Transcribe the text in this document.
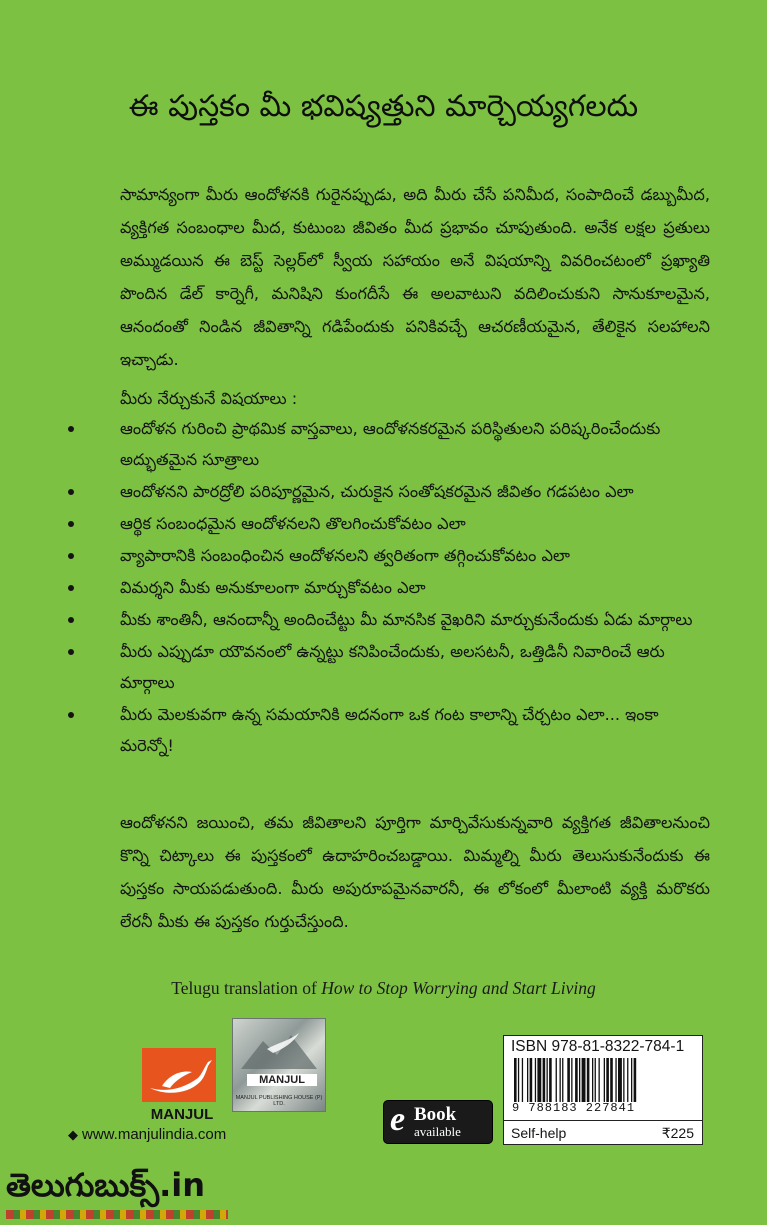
ఈ పుస్తకం మీ భవిష్యత్తుని మార్చెయ్యగలదు

సామాన్యంగా మీరు ఆందోళనకి గురైనప్పుడు, అది మీరు చేసే పనిమీద, సంపాదించే డబ్బుమీద, వ్యక్తిగత సంబంధాల మీద, కుటుంబ జీవితం మీద ప్రభావం చూపుతుంది. అనేక లక్షల ప్రతులు అమ్ముడయిన ఈ బెస్ట్ సెల్లర్‌లో స్వీయ సహాయం అనే విషయాన్ని వివరించటంలో ప్రఖ్యాతి పొందిన డేల్ కార్నెగీ, మనిషిని కుంగదీసే ఈ అలవాటుని వదిలించుకుని సానుకూలమైన, ఆనందంతో నిండిన జీవితాన్ని గడిపేందుకు పనికివచ్చే ఆచరణీయమైన, తేలికైన సలహాలని ఇచ్చాడు.

మీరు నేర్చుకునే విషయాలు :
ఆందోళన గురించి ప్రాథమిక వాస్తవాలు, ఆందోళనకరమైన పరిస్థితులని పరిష్కరించేందుకు అద్భుతమైన సూత్రాలు
ఆందోళనని పారద్రోలి పరిపూర్ణమైన, చురుకైన సంతోషకరమైన జీవితం గడపటం ఎలా
ఆర్థిక సంబంధమైన ఆందోళనలని తొలగించుకోవటం ఎలా
వ్యాపారానికి సంబంధించిన ఆందోళనలని త్వరితంగా తగ్గించుకోవటం ఎలా
విమర్శని మీకు అనుకూలంగా మార్చుకోవటం ఎలా
మీకు శాంతినీ, ఆనందాన్నీ అందించేట్టు మీ మానసిక వైఖరిని మార్చుకునేందుకు ఏడు మార్గాలు
మీరు ఎప్పుడూ యౌవనంలో ఉన్నట్టు కనిపించేందుకు, అలసటనీ, ఒత్తిడినీ నివారించే ఆరు మార్గాలు
మీరు మెలకువగా ఉన్న సమయానికి అదనంగా ఒక గంట కాలాన్ని చేర్చటం ఎలా... ఇంకా మరెన్నో!

ఆందోళనని జయించి, తమ జీవితాలని పూర్తిగా మార్చివేసుకున్నవారి వ్యక్తిగత జీవితాలనుంచి కొన్ని చిట్కాలు ఈ పుస్తకంలో ఉదాహరించబడ్డాయి. మిమ్మల్ని మీరు తెలుసుకునేందుకు ఈ పుస్తకం సాయపడుతుంది. మీరు అపురూపమైనవారనీ, ఈ లోకంలో మీలాంటి వ్యక్తి మరొకరు లేరనీ మీకు ఈ పుస్తకం గుర్తుచేస్తుంది.

Telugu translation of How to Stop Worrying and Start Living
MANJUL
MANJUL
MANJUL PUBLISHING HOUSE (P) LTD.
◆ www.manjulindia.com	e Book
available
ISBN 978-81-8322-784-1
9 788183 227841
Self-help	₹225
తెలుగుబుక్స్.in
